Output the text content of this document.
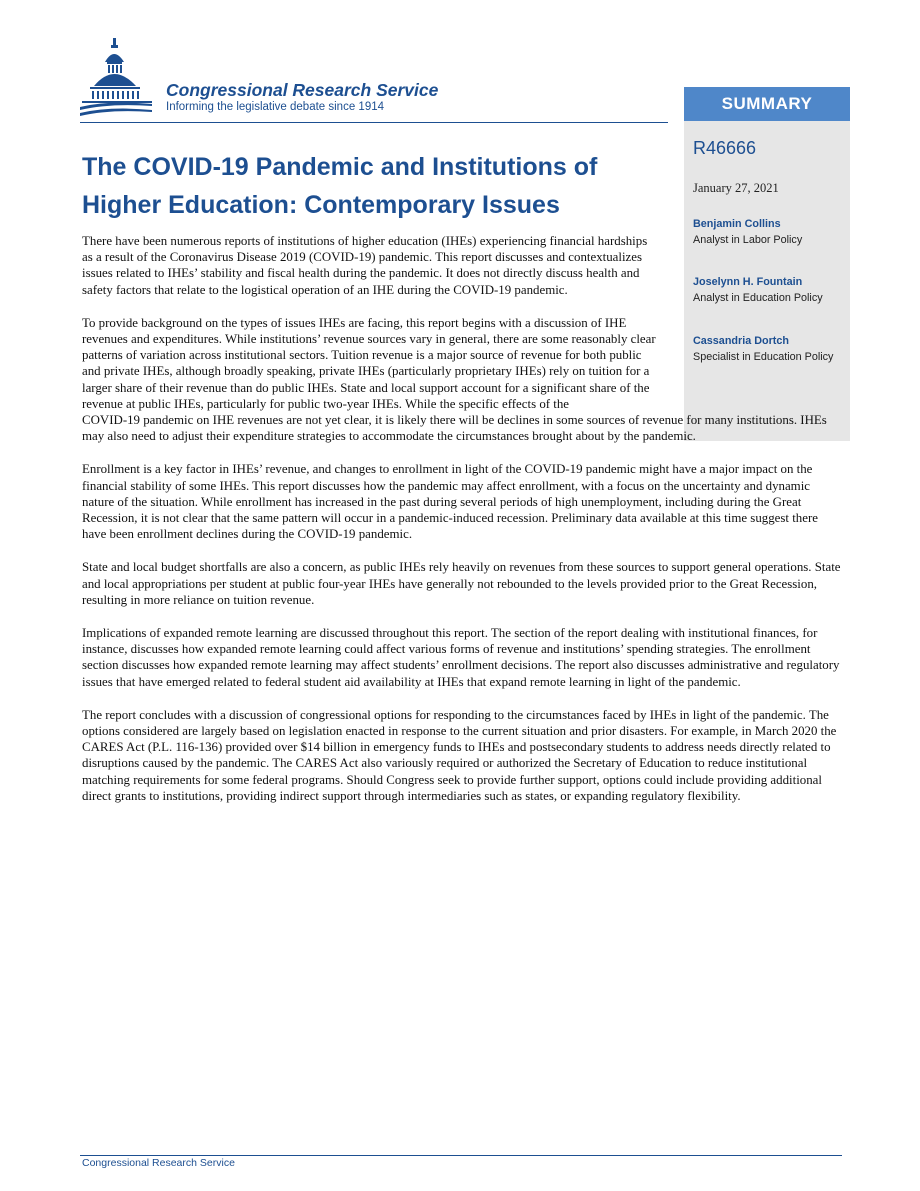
Congressional Research Service
Informing the legislative debate since 1914	SUMMARY
R46666
January 27, 2021
Benjamin Collins
Analyst in Labor Policy
Joselynn H. Fountain
Analyst in Education Policy
Cassandria Dortch
Specialist in Education Policy
The COVID-19 Pandemic and Institutions of
Higher Education: Contemporary Issues

There have been numerous reports of institutions of higher education (IHEs) experiencing financial hardships as a result of the Coronavirus Disease 2019 (COVID-19) pandemic. This report discusses and contextualizes issues related to IHEs’ stability and fiscal health during the pandemic. It does not directly discuss health and safety factors that relate to the logistical operation of an IHE during the COVID-19 pandemic.

To provide background on the types of issues IHEs are facing, this report begins with a discussion of IHE revenues and expenditures. While institutions’ revenue sources vary in general, there are some reasonably clear patterns of variation across institutional sectors. Tuition revenue is a major source of revenue for both public and private IHEs, although broadly speaking, private IHEs (particularly proprietary IHEs) rely on tuition for a larger share of their revenue than do public IHEs. State and local support account for a significant share of the revenue at public IHEs, particularly for public two-year IHEs. While the specific effects of the
COVID-19 pandemic on IHE revenues are not yet clear, it is likely there will be declines in some sources of revenue for many institutions. IHEs may also need to adjust their expenditure strategies to accommodate the circumstances brought about by the pandemic.

Enrollment is a key factor in IHEs’ revenue, and changes to enrollment in light of the COVID-19 pandemic might have a major impact on the financial stability of some IHEs. This report discusses how the pandemic may affect enrollment, with a focus on the uncertainty and dynamic nature of the situation. While enrollment has increased in the past during several periods of high unemployment, including during the Great Recession, it is not clear that the same pattern will occur in a pandemic-induced recession. Preliminary data available at this time suggest there have been enrollment declines during the COVID-19 pandemic.

State and local budget shortfalls are also a concern, as public IHEs rely heavily on revenues from these sources to support general operations. State and local appropriations per student at public four-year IHEs have generally not rebounded to the levels provided prior to the Great Recession, resulting in more reliance on tuition revenue.

Implications of expanded remote learning are discussed throughout this report. The section of the report dealing with institutional finances, for instance, discusses how expanded remote learning could affect various forms of revenue and institutions’ spending strategies. The enrollment section discusses how expanded remote learning may affect students’ enrollment decisions. The report also discusses administrative and regulatory issues that have emerged related to federal student aid availability at IHEs that expand remote learning in light of the pandemic.

The report concludes with a discussion of congressional options for responding to the circumstances faced by IHEs in light of the pandemic. The options considered are largely based on legislation enacted in response to the current situation and prior disasters. For example, in March 2020 the CARES Act (P.L. 116-136) provided over $14 billion in emergency funds to IHEs and postsecondary students to address needs directly related to disruptions caused by the pandemic. The CARES Act also variously required or authorized the Secretary of Education to reduce institutional matching requirements for some federal programs. Should Congress seek to provide further support, options could include providing additional direct grants to institutions, providing indirect support through intermediaries such as states, or expanding regulatory flexibility.

Congressional Research Service
